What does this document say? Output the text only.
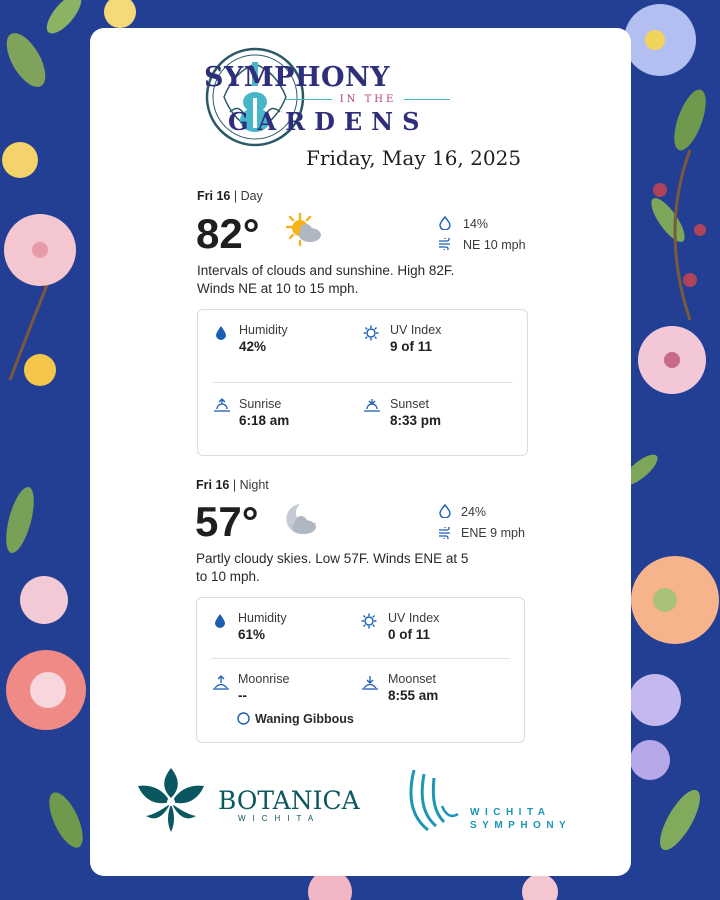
SYMPHONY
IN THE
GARDENS
Friday, May 16, 2025
Fri 16 | Day
82°	14%
NE 10 mph
Intervals of clouds and sunshine. High 82F.
Winds NE at 10 to 15 mph.
Humidity
42%
UV Index
9 of 11
Sunrise
6:18 am
Sunset
8:33 pm
Fri 16 | Night
57°	24%
ENE 9 mph
Partly cloudy skies. Low 57F. Winds ENE at 5
to 10 mph.
Humidity
61%
UV Index
0 of 11
Moonrise
--
Moonset
8:55 am
Waning Gibbous
BOTANICA
WICHITA
WICHITA
SYMPHONY
